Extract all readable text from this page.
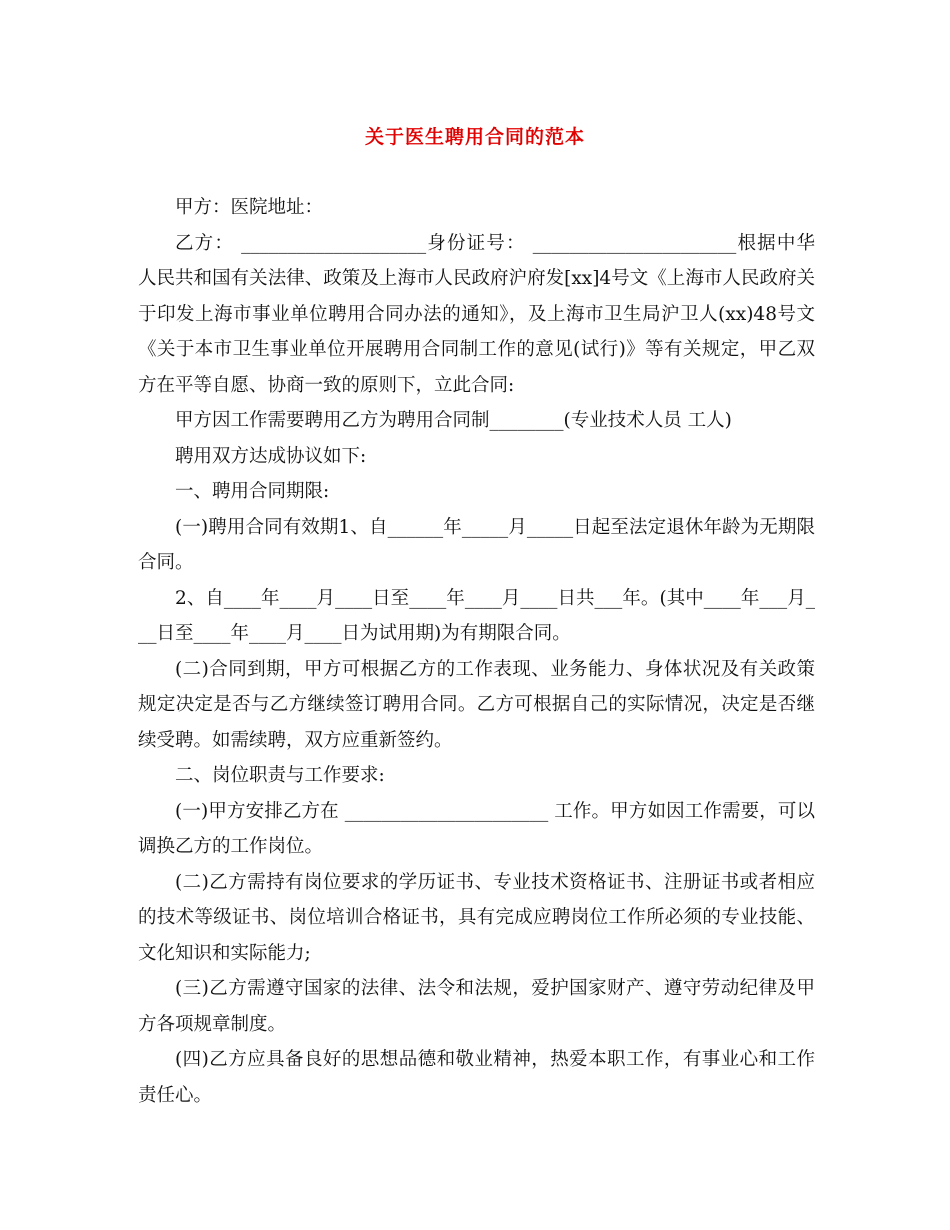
关于医生聘用合同的范本

甲方：医院地址：

乙方： ____________________身份证号： ______________________根据中华人民共和国有关法律、政策及上海市人民政府沪府发[xx]4号文《上海市人民政府关于印发上海市事业单位聘用合同办法的通知》，及上海市卫生局沪卫人(xx)48号文《关于本市卫生事业单位开展聘用合同制工作的意见(试行)》等有关规定，甲乙双方在平等自愿、协商一致的原则下，立此合同:

甲方因工作需要聘用乙方为聘用合同制________(专业技术人员 工人)

聘用双方达成协议如下:

一、聘用合同期限:

(一)聘用合同有效期1、自______年_____月_____日起至法定退休年龄为无期限合同。

2、自____年____月____日至____年____月____日共___年。(其中____年___月___日至____年____月____日为试用期)为有期限合同。

(二)合同到期，甲方可根据乙方的工作表现、业务能力、身体状况及有关政策规定决定是否与乙方继续签订聘用合同。乙方可根据自己的实际情况，决定是否继续受聘。如需续聘，双方应重新签约。

二、岗位职责与工作要求:

(一)甲方安排乙方在 ______________________ 工作。甲方如因工作需要，可以调换乙方的工作岗位。

(二)乙方需持有岗位要求的学历证书、专业技术资格证书、注册证书或者相应的技术等级证书、岗位培训合格证书，具有完成应聘岗位工作所必须的专业技能、文化知识和实际能力;

(三)乙方需遵守国家的法律、法令和法规，爱护国家财产、遵守劳动纪律及甲方各项规章制度。

(四)乙方应具备良好的思想品德和敬业精神，热爱本职工作，有事业心和工作责任心。
